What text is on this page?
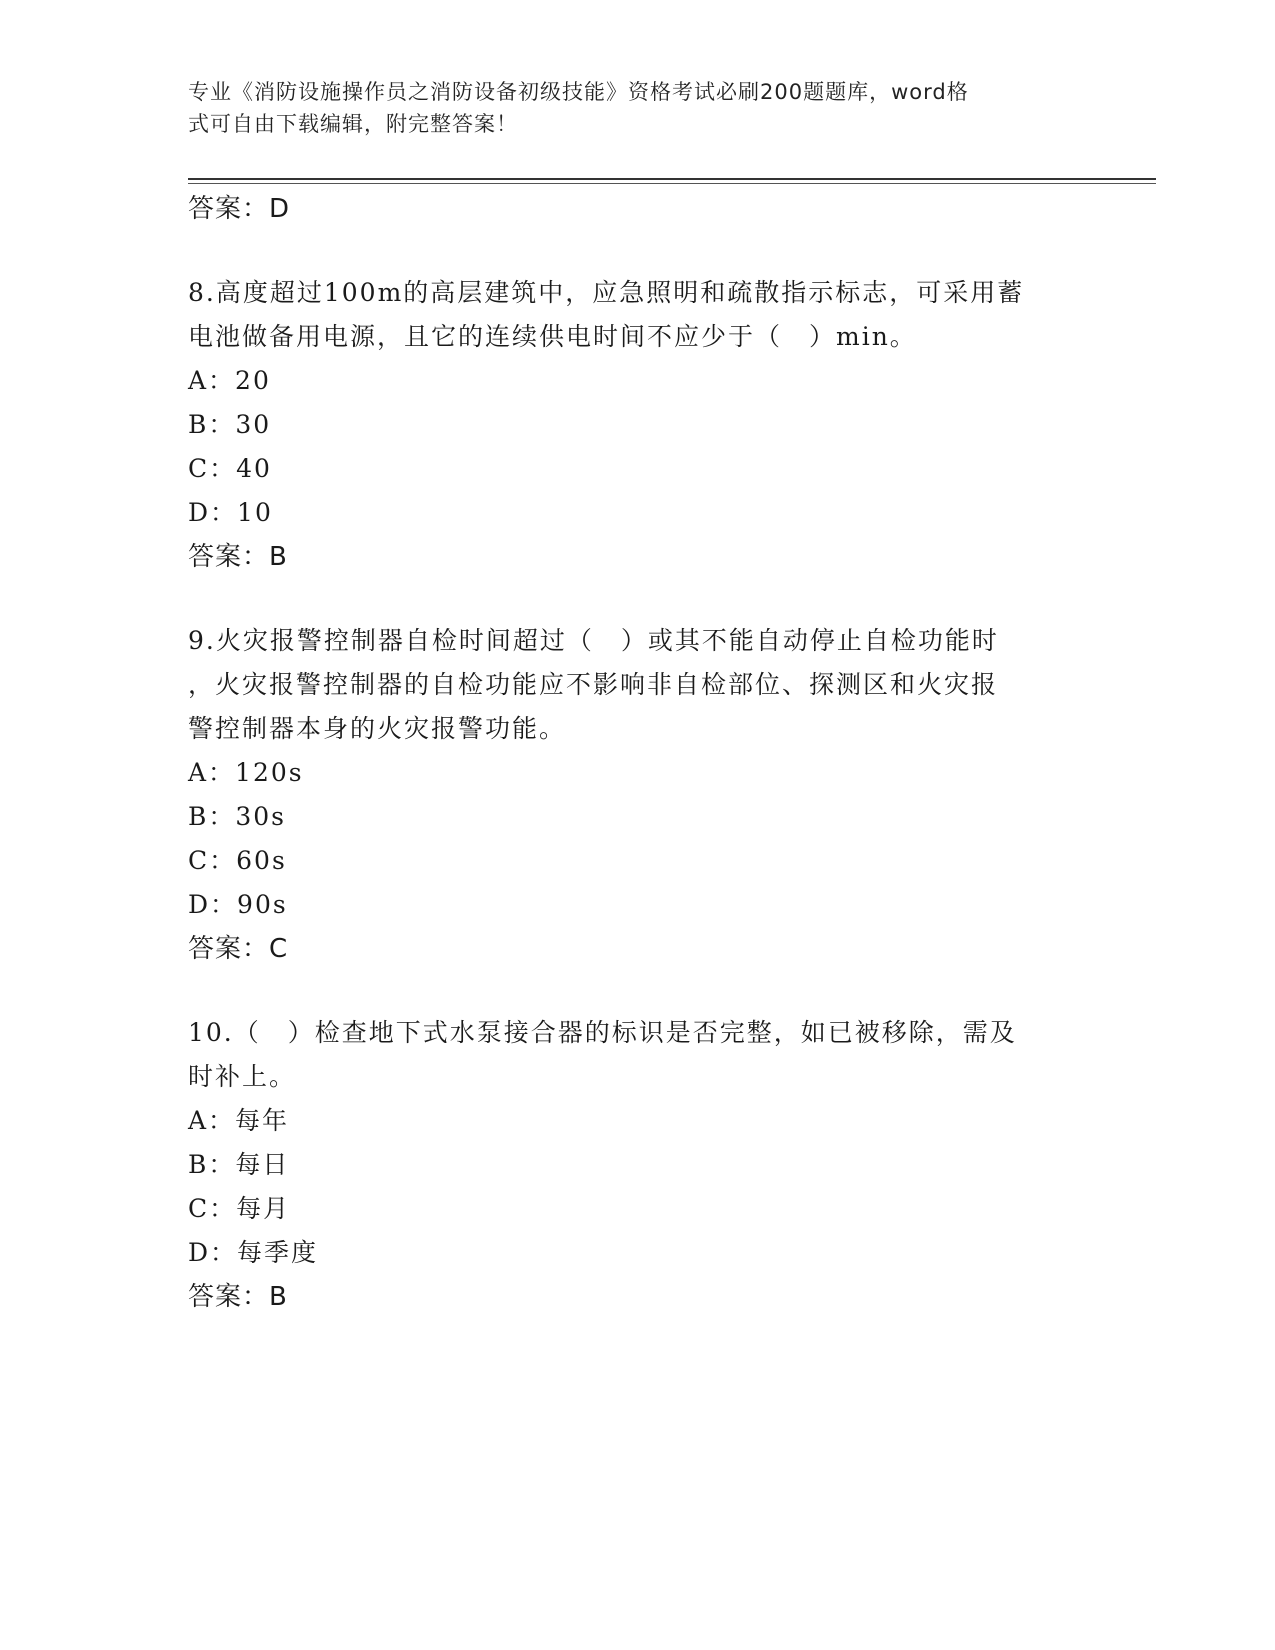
专业《消防设施操作员之消防设备初级技能》资格考试必刷200题题库，word格
式可自由下载编辑，附完整答案！
答案：D
8.高度超过100m的高层建筑中，应急照明和疏散指示标志，可采用蓄
电池做备用电源，且它的连续供电时间不应少于（　）min。
A：20
B：30
C：40
D：10
答案：B
9.火灾报警控制器自检时间超过（　）或其不能自动停止自检功能时
，火灾报警控制器的自检功能应不影响非自检部位、探测区和火灾报
警控制器本身的火灾报警功能。
A：120s
B：30s
C：60s
D：90s
答案：C
10.（　）检查地下式水泵接合器的标识是否完整，如已被移除，需及
时补上。
A：每年
B：每日
C：每月
D：每季度
答案：B
